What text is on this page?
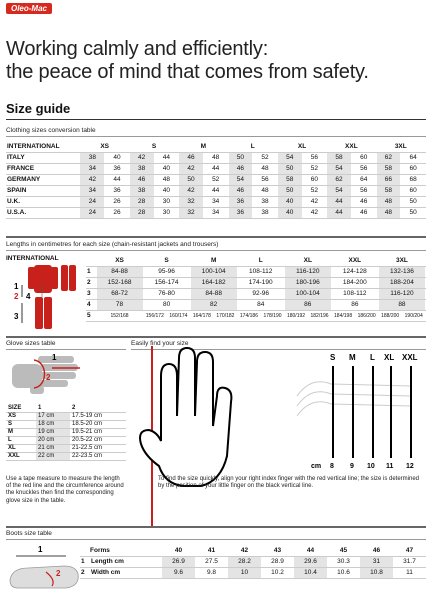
Oleo-Mac
Working calmly and efficiently:
the peace of mind that comes from safety.
Size guide
Clothing sizes conversion table
INTERNATIONAL	XS		S		M		L		XL		XXL		3XL	
ITALY	38	40	42	44	46	48	50	52	54	56	58	60	62	64
FRANCE	34	36	38	40	42	44	46	48	50	52	54	56	58	60
GERMANY	42	44	46	48	50	52	54	56	58	60	62	64	66	68
SPAIN	34	36	38	40	42	44	46	48	50	52	54	56	58	60
U.K.	24	26	28	30	32	34	36	38	40	42	44	46	48	50
U.S.A.	24	26	28	30	32	34	36	38	40	42	44	46	48	50
Lengths in centimetres for each size (chain-resistant jackets and trousers)
1
2
3
4
	XS	S		M		L		XL		XXL		3XL	
1	84-88	95-96		100-104		108-112		116-120		124-128		132-136	
2	152-168	156-174		164-182		174-190		180-196		184-200		188-204	
3	68-72	76-80		84-88		92-96		100-104		108-112		116-120	
4	78	80		82		84		86		86		88	
5	152/168	156/172	160/174	164/178	170/182	174/186	178/190	180/192	182/196	184/198	186/200	188/200	190/204
INTERNATIONAL
Glove sizes table
1
2
SIZE	1	2
XS	17 cm	17.5-19 cm
S	18 cm	18.5-20 cm
M	19 cm	19.5-21 cm
L	20 cm	20.5-22 cm
XL	21 cm	21-22.5 cm
XXL	22 cm	22-23.5 cm
Use a tape measure to measure the length of the red line and the circumference around the knuckles then find the corresponding glove size in the table.
Easily find your size
S M L XL XXL
cm 8 9 10 11 12
To find the size quickly, align your right index finger with the red vertical line; the size is determined by the position of your little finger on the black vertical line.
Boots size table
1
2
	Forms	40	41	42	43	44	45	46	47
1	Length cm	26.9	27.5	28.2	28.9	29.6	30.3	31	31.7
2	Width cm	9.6	9.8	10	10.2	10.4	10.6	10.8	11
